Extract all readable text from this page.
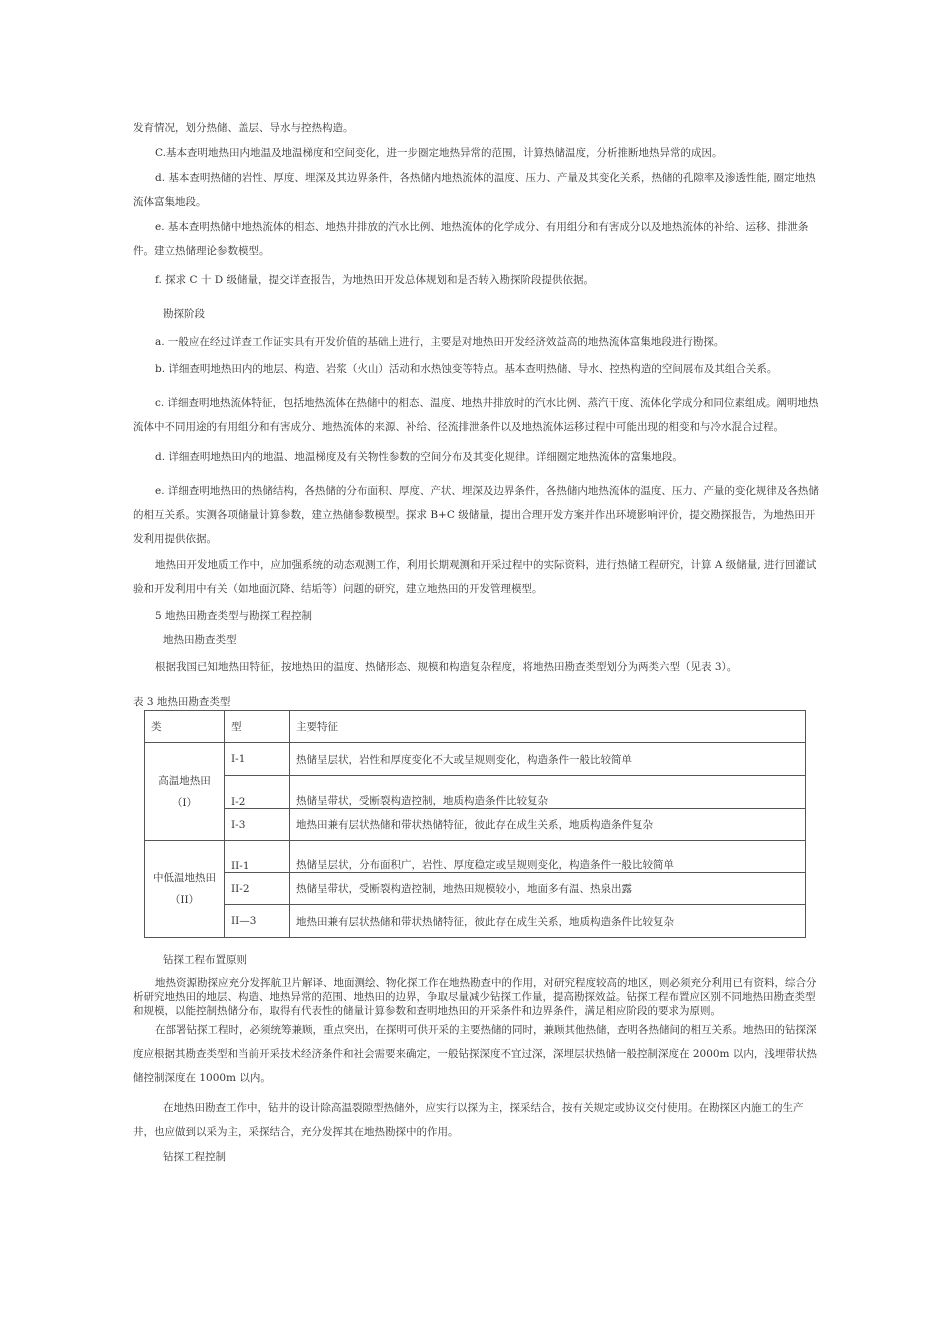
发育情况，划分热储、盖层、导水与控热构造。

C.基本查明地热田内地温及地温梯度和空间变化，进一步圈定地热异常的范围，计算热储温度，分析推断地热异常的成因。

d. 基本查明热储的岩性、厚度、埋深及其边界条件，各热储内地热流体的温度、压力、产量及其变化关系，热储的孔隙率及渗透性能, 圈定地热流体富集地段。

e. 基本查明热储中地热流体的相态、地热井排放的汽水比例、地热流体的化学成分、有用组分和有害成分以及地热流体的补给、运移、排泄条件。建立热储理论参数模型。

f. 探求 C 十 D 级储量，提交详查报告，为地热田开发总体规划和是否转入勘探阶段提供依据。

勘探阶段

a. 一般应在经过详查工作证实具有开发价值的基础上进行，主要是对地热田开发经济效益高的地热流体富集地段进行勘探。

b. 详细查明地热田内的地层、构造、岩浆（火山）活动和水热蚀变等特点。基本查明热储、导水、控热构造的空间展布及其组合关系。

c. 详细查明地热流体特征，包括地热流体在热储中的相态、温度、地热井排放时的汽水比例、蒸汽干度、流体化学成分和同位素组成。阐明地热流体中不同用途的有用组分和有害成分、地热流体的来源、补给、径流排泄条件以及地热流体运移过程中可能出现的相变和与冷水混合过程。

d. 详细查明地热田内的地温、地温梯度及有关物性参数的空间分布及其变化规律。详细圈定地热流体的富集地段。

e. 详细查明地热田的热储结构，各热储的分布面积、厚度、产状、埋深及边界条件，各热储内地热流体的温度、压力、产量的变化规律及各热储的相互关系。实测各项储量计算参数，建立热储参数模型。探求 B+C 级储量，提出合理开发方案并作出环境影响评价，提交勘探报告，为地热田开发利用提供依据。

地热田开发地质工作中，应加强系统的动态观测工作，利用长期观测和开采过程中的实际资料，进行热储工程研究，计算 A 级储量, 进行回灌试验和开发利用中有关（如地面沉降、结垢等）问题的研究，建立地热田的开发管理模型。

5 地热田勘查类型与勘探工程控制

地热田勘查类型

根据我国已知地热田特征，按地热田的温度、热储形态、规模和构造复杂程度，将地热田勘查类型划分为两类六型（见表 3）。

表 3 地热田勘查类型
类	型	主要特征

高温地热田
（I）	I-1	热储呈层状，岩性和厚度变化不大或呈规则变化，构造条件一般比较简单
	I-2	热储呈带状，受断裂构造控制，地质构造条件比较复杂
	I-3	地热田兼有层状热储和带状热储特征，彼此存在成生关系，地质构造条件复杂

中低温地热田
（II）	II-1	热储呈层状，分布面积广，岩性、厚度稳定或呈规则变化，构造条件一般比较简单
	II-2	热储呈带状，受断裂构造控制，地热田规模较小，地面多有温、热泉出露
	II—3	地热田兼有层状热储和带状热储特征，彼此存在成生关系，地质构造条件比较复杂

钻探工程布置原则

地热资源勘探应充分发挥航卫片解译、地面测绘、物化探工作在地热勘查中的作用，对研究程度较高的地区，则必须充分利用已有资料，综合分析研究地热田的地层、构造、地热异常的范围、地热田的边界，争取尽量减少钻探工作量，提高勘探效益。钻探工程布置应区别不同地热田勘查类型和规模，以能控制热储分布，取得有代表性的储量计算参数和查明地热田的开采条件和边界条件，满足相应阶段的要求为原则。

在部署钻探工程时，必须统筹兼顾，重点突出，在探明可供开采的主要热储的同时，兼顾其他热储，查明各热储间的相互关系。地热田的钻探深度应根据其勘查类型和当前开采技术经济条件和社会需要来确定，一般钻探深度不宜过深，深埋层状热储一般控制深度在 2000m 以内，浅埋带状热储控制深度在 1000m 以内。

在地热田勘查工作中，钻井的设计除高温裂隙型热储外，应实行以探为主，探采结合，按有关规定或协议交付使用。在勘探区内施工的生产井，也应做到以采为主，采探结合，充分发挥其在地热勘探中的作用。

钻探工程控制
